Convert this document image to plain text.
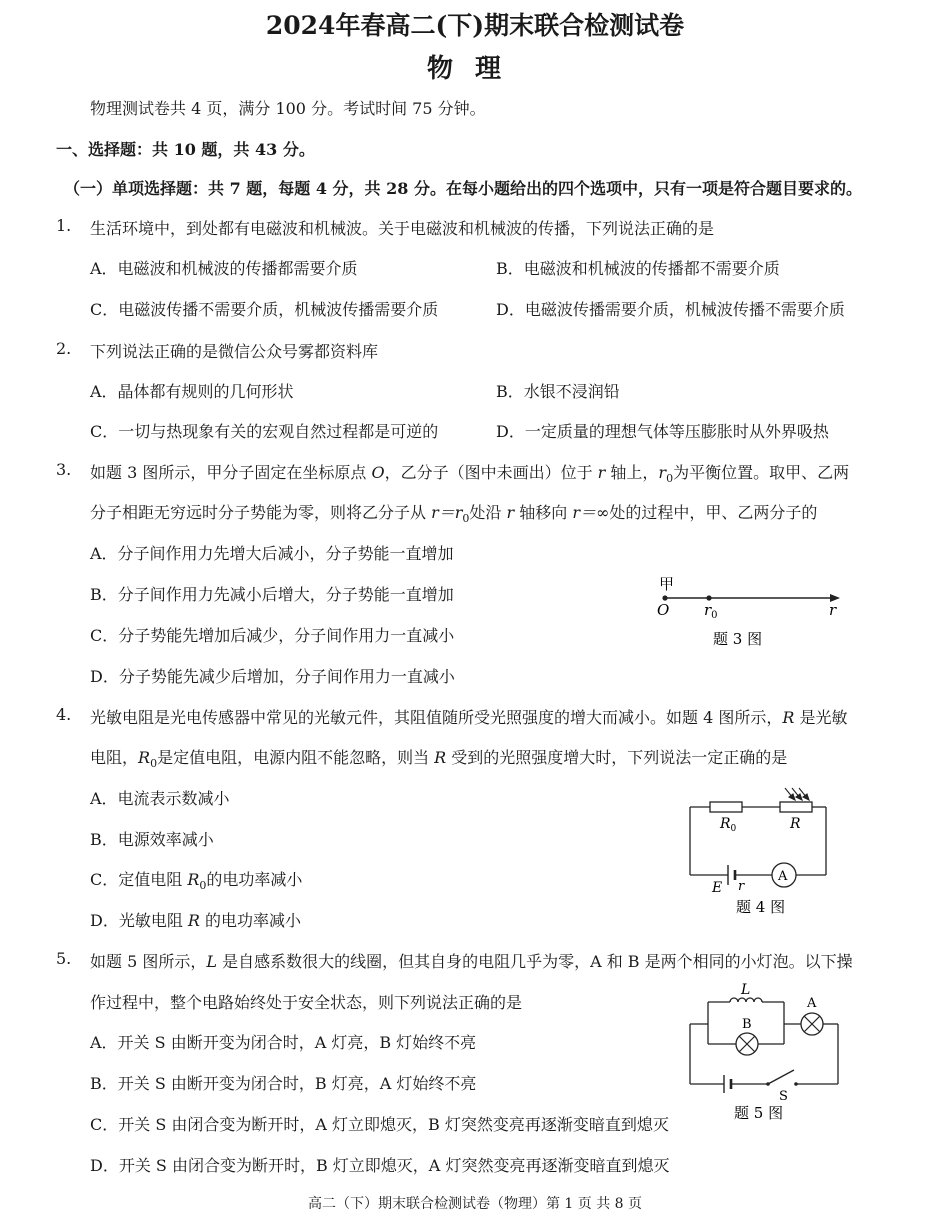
2024年春高二(下)期末联合检测试卷
物理
物理测试卷共 4 页，满分 100 分。考试时间 75 分钟。
一、选择题：共 10 题，共 43 分。
（一）单项选择题：共 7 题，每题 4 分，共 28 分。在每小题给出的四个选项中，只有一项是符合题目要求的。
1. 生活环境中，到处都有电磁波和机械波。关于电磁波和机械波的传播，下列说法正确的是
A．电磁波和机械波的传播都需要介质	B．电磁波和机械波的传播都不需要介质
C．电磁波传播不需要介质，机械波传播需要介质	D．电磁波传播需要介质，机械波传播不需要介质
2. 下列说法正确的是微信公众号雾都资料库
A．晶体都有规则的几何形状	B．水银不浸润铅
C．一切与热现象有关的宏观自然过程都是可逆的	D．一定质量的理想气体等压膨胀时从外界吸热
3. 如题 3 图所示，甲分子固定在坐标原点 O，乙分子（图中未画出）位于 r 轴上，$r_0$为平衡位置。取甲、乙两
分子相距无穷远时分子势能为零，则将乙分子从 $r=r_0$处沿 r 轴移向 r＝∞处的过程中，甲、乙两分子的
A．分子间作用力先增大后减小，分子势能一直增加
B．分子间作用力先减小后增大，分子势能一直增加
C．分子势能先增加后减少，分子间作用力一直减小
D．分子势能先减少后增加，分子间作用力一直减小
甲
O $r_0$	r
题 3 图
4. 光敏电阻是光电传感器中常见的光敏元件，其阻值随所受光照强度的增大而减小。如题 4 图所示，R 是光敏
电阻，$R_0$是定值电阻，电源内阻不能忽略，则当 R 受到的光照强度增大时，下列说法一定正确的是
A．电流表示数减小
B．电源效率减小
C．定值电阻 $R_0$的电功率减小
D．光敏电阻 R 的电功率减小
A
$R_0$	R
E r
题 4 图
5. 如题 5 图所示，L 是自感系数很大的线圈，但其自身的电阻几乎为零，A 和 B 是两个相同的小灯泡。以下操
作过程中，整个电路始终处于安全状态，则下列说法正确的是
A．开关 S 由断开变为闭合时，A 灯亮，B 灯始终不亮
B．开关 S 由断开变为闭合时，B 灯亮，A 灯始终不亮
C．开关 S 由闭合变为断开时，A 灯立即熄灭，B 灯突然变亮再逐渐变暗直到熄灭
D．开关 S 由闭合变为断开时，B 灯立即熄灭，A 灯突然变亮再逐渐变暗直到熄灭
L
A
B
S
题 5 图
高二（下）期末联合检测试卷（物理）第 1 页 共 8 页
